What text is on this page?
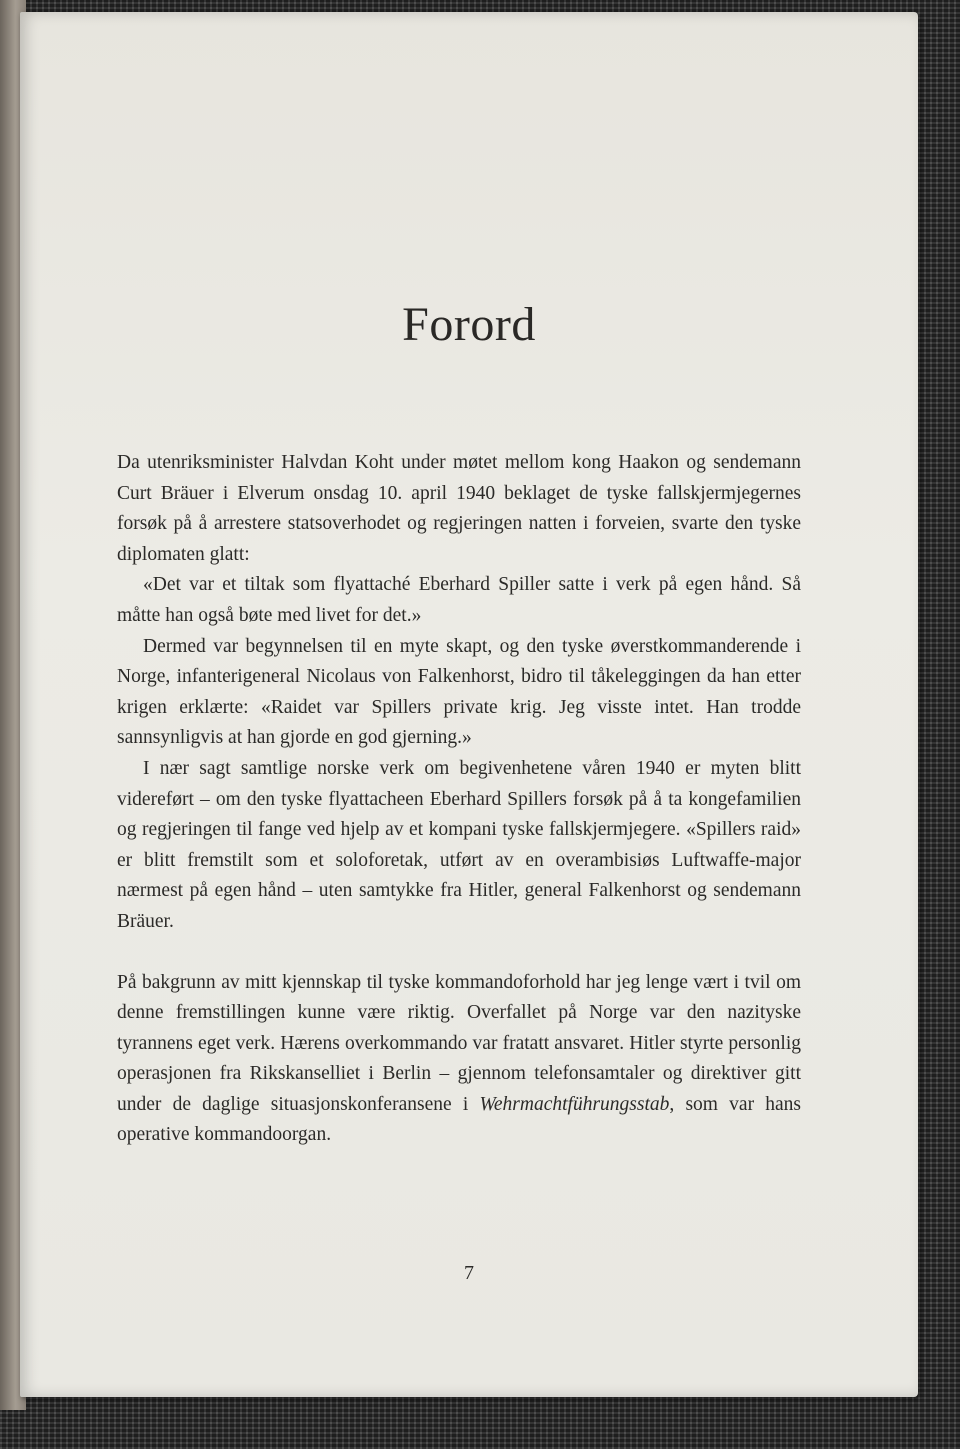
Forord

Da utenriksminister Halvdan Koht under møtet mellom kong Haakon og sendemann Curt Bräuer i Elverum onsdag 10. april 1940 beklaget de tyske fallskjermjegernes forsøk på å arrestere statsoverhodet og regjeringen natten i forveien, svarte den tyske diplomaten glatt:

«Det var et tiltak som flyattaché Eberhard Spiller satte i verk på egen hånd. Så måtte han også bøte med livet for det.»

Dermed var begynnelsen til en myte skapt, og den tyske øverstkommanderende i Norge, infanterigeneral Nicolaus von Falkenhorst, bidro til tåkeleggingen da han etter krigen erklærte: «Raidet var Spillers private krig. Jeg visste intet. Han trodde sannsynligvis at han gjorde en god gjerning.»

I nær sagt samtlige norske verk om begivenhetene våren 1940 er myten blitt videreført – om den tyske flyattacheen Eberhard Spillers forsøk på å ta kongefamilien og regjeringen til fange ved hjelp av et kompani tyske fallskjermjegere. «Spillers raid» er blitt fremstilt som et soloforetak, utført av en overambisiøs Luftwaffe-major nærmest på egen hånd – uten samtykke fra Hitler, general Falkenhorst og sendemann Bräuer.

På bakgrunn av mitt kjennskap til tyske kommandoforhold har jeg lenge vært i tvil om denne fremstillingen kunne være riktig. Overfallet på Norge var den nazityske tyrannens eget verk. Hærens overkommando var fratatt ansvaret. Hitler styrte personlig operasjonen fra Rikskanselliet i Berlin – gjennom telefonsamtaler og direktiver gitt under de daglige situasjonskonferansene i Wehrmachtführungsstab, som var hans operative kommandoorgan.

7
